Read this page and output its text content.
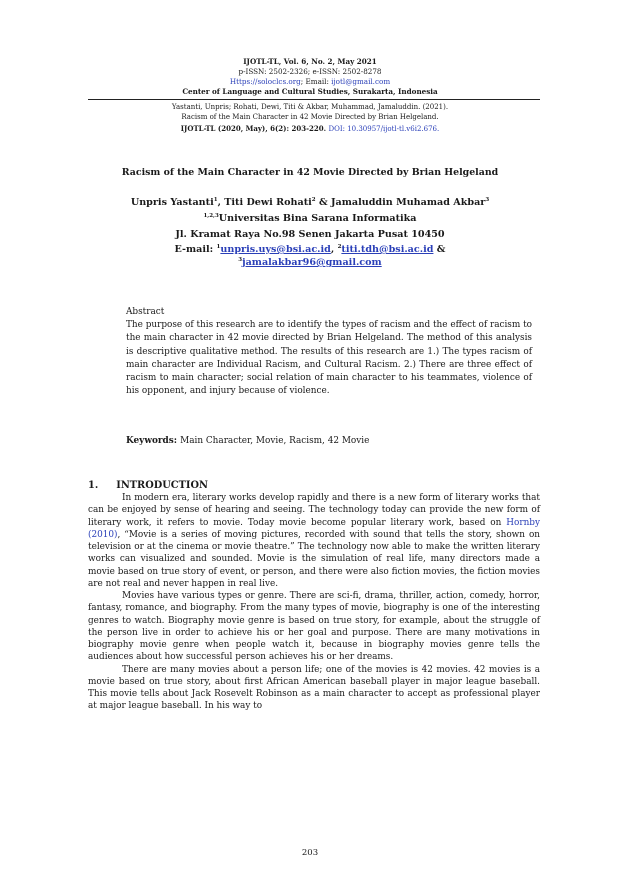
IJOTL-TL, Vol. 6, No. 2, May 2021
p-ISSN: 2502-2326; e-ISSN: 2502-8278
Https://soloclcs.org; Email: ijotl@gmail.com
Center of Language and Cultural Studies, Surakarta, Indonesia
Yastanti, Unpris; Rohati, Dewi, Titi & Akbar, Muhammad, Jamaluddin. (2021).
Racism of the Main Character in 42 Movie Directed by Brian Helgeland.
IJOTL-TL (2020, May), 6(2): 203-220. DOI: 10.30957/ijotl-tl.v6i2.676.
Racism of the Main Character in 42 Movie Directed by Brian Helgeland
Unpris Yastanti$^1$, Titi Dewi Rohati$^2$ & Jamaluddin Muhamad Akbar$^3$
$^{1,2,3}$Universitas Bina Sarana Informatika
Jl. Kramat Raya No.98 Senen Jakarta Pusat 10450
E-mail: $^1$unpris.uys@bsi.ac.id, $^2$titi.tdh@bsi.ac.id &
$^3$jamalakbar96@gmail.com
Abstract
The purpose of this research are to identify the types of racism and the effect of racism to the main character in 42 movie directed by Brian Helgeland. The method of this analysis is descriptive qualitative method. The results of this research are 1.) The types racism of main character are Individual Racism, and Cultural Racism. 2.) There are three effect of racism to main character; social relation of main character to his teammates, violence of his opponent, and injury because of violence.
Keywords: Main Character, Movie, Racism, 42 Movie
1. INTRODUCTION

In modern era, literary works develop rapidly and there is a new form of literary works that can be enjoyed by sense of hearing and seeing. The technology today can provide the new form of literary work, it refers to movie. Today movie become popular literary work, based on Hornby (2010), “Movie is a series of moving pictures, recorded with sound that tells the story, shown on television or at the cinema or movie theatre.” The technology now able to make the written literary works can visualized and sounded. Movie is the simulation of real life, many directors made a movie based on true story of event, or person, and there were also fiction movies, the fiction movies are not real and never happen in real live.

Movies have various types or genre. There are sci-fi, drama, thriller, action, comedy, horror, fantasy, romance, and biography. From the many types of movie, biography is one of the interesting genres to watch. Biography movie genre is based on true story, for example, about the struggle of the person live in order to achieve his or her goal and purpose. There are many motivations in biography movie genre when people watch it, because in biography movies genre tells the audiences about how successful person achieves his or her dreams.

There are many movies about a person life; one of the movies is 42 movies. 42 movies is a movie based on true story, about first African American baseball player in major league baseball. This movie tells about Jack Rosevelt Robinson as a main character to accept as professional player at major league baseball. In his way to

203
